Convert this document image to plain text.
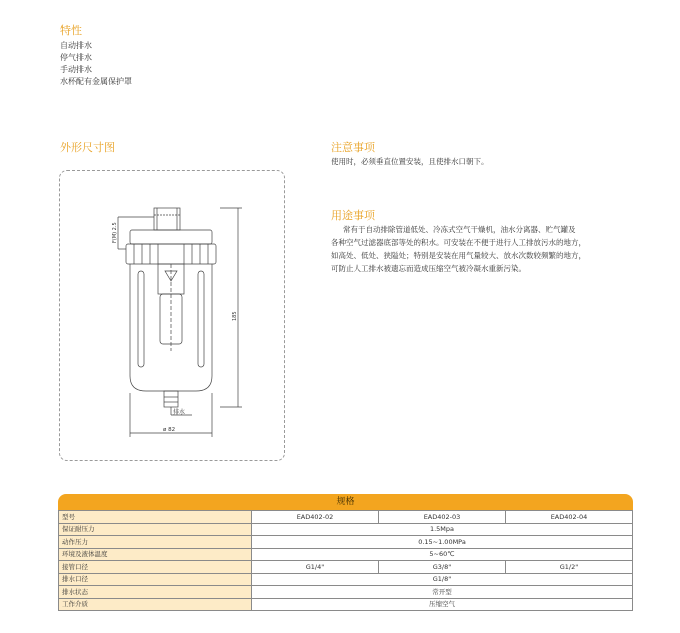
特性
自动排水
停气排水
手动排水
水杯配有金属保护罩
外形尺寸图
F(M) 2.5
185
排水
ø 82
注意事项
使用时，必须垂直位置安装，且使排水口朝下。
用途事项
常有于自动排除管道低处、冷冻式空气干燥机，油水分离器、贮气罐及
各种空气过滤器底部等处的积水。可安装在不便于进行人工排放污水的地方，
如高处、低处、狭隘处；特别是安装在用气量较大、放水次数较频繁的地方，
可防止人工排水被遗忘而造成压缩空气被冷凝水重新污染。
规格
型号	EAD402-02	EAD402-03	EAD402-04
保证耐压力	1.5Mpa		
动作压力	0.15~1.00MPa		
环境及液体温度	5~60℃		
接管口径	G1/4"	G3/8"	G1/2"
排水口径	G1/8"		
排水状态	常开型		
工作介质	压缩空气		
